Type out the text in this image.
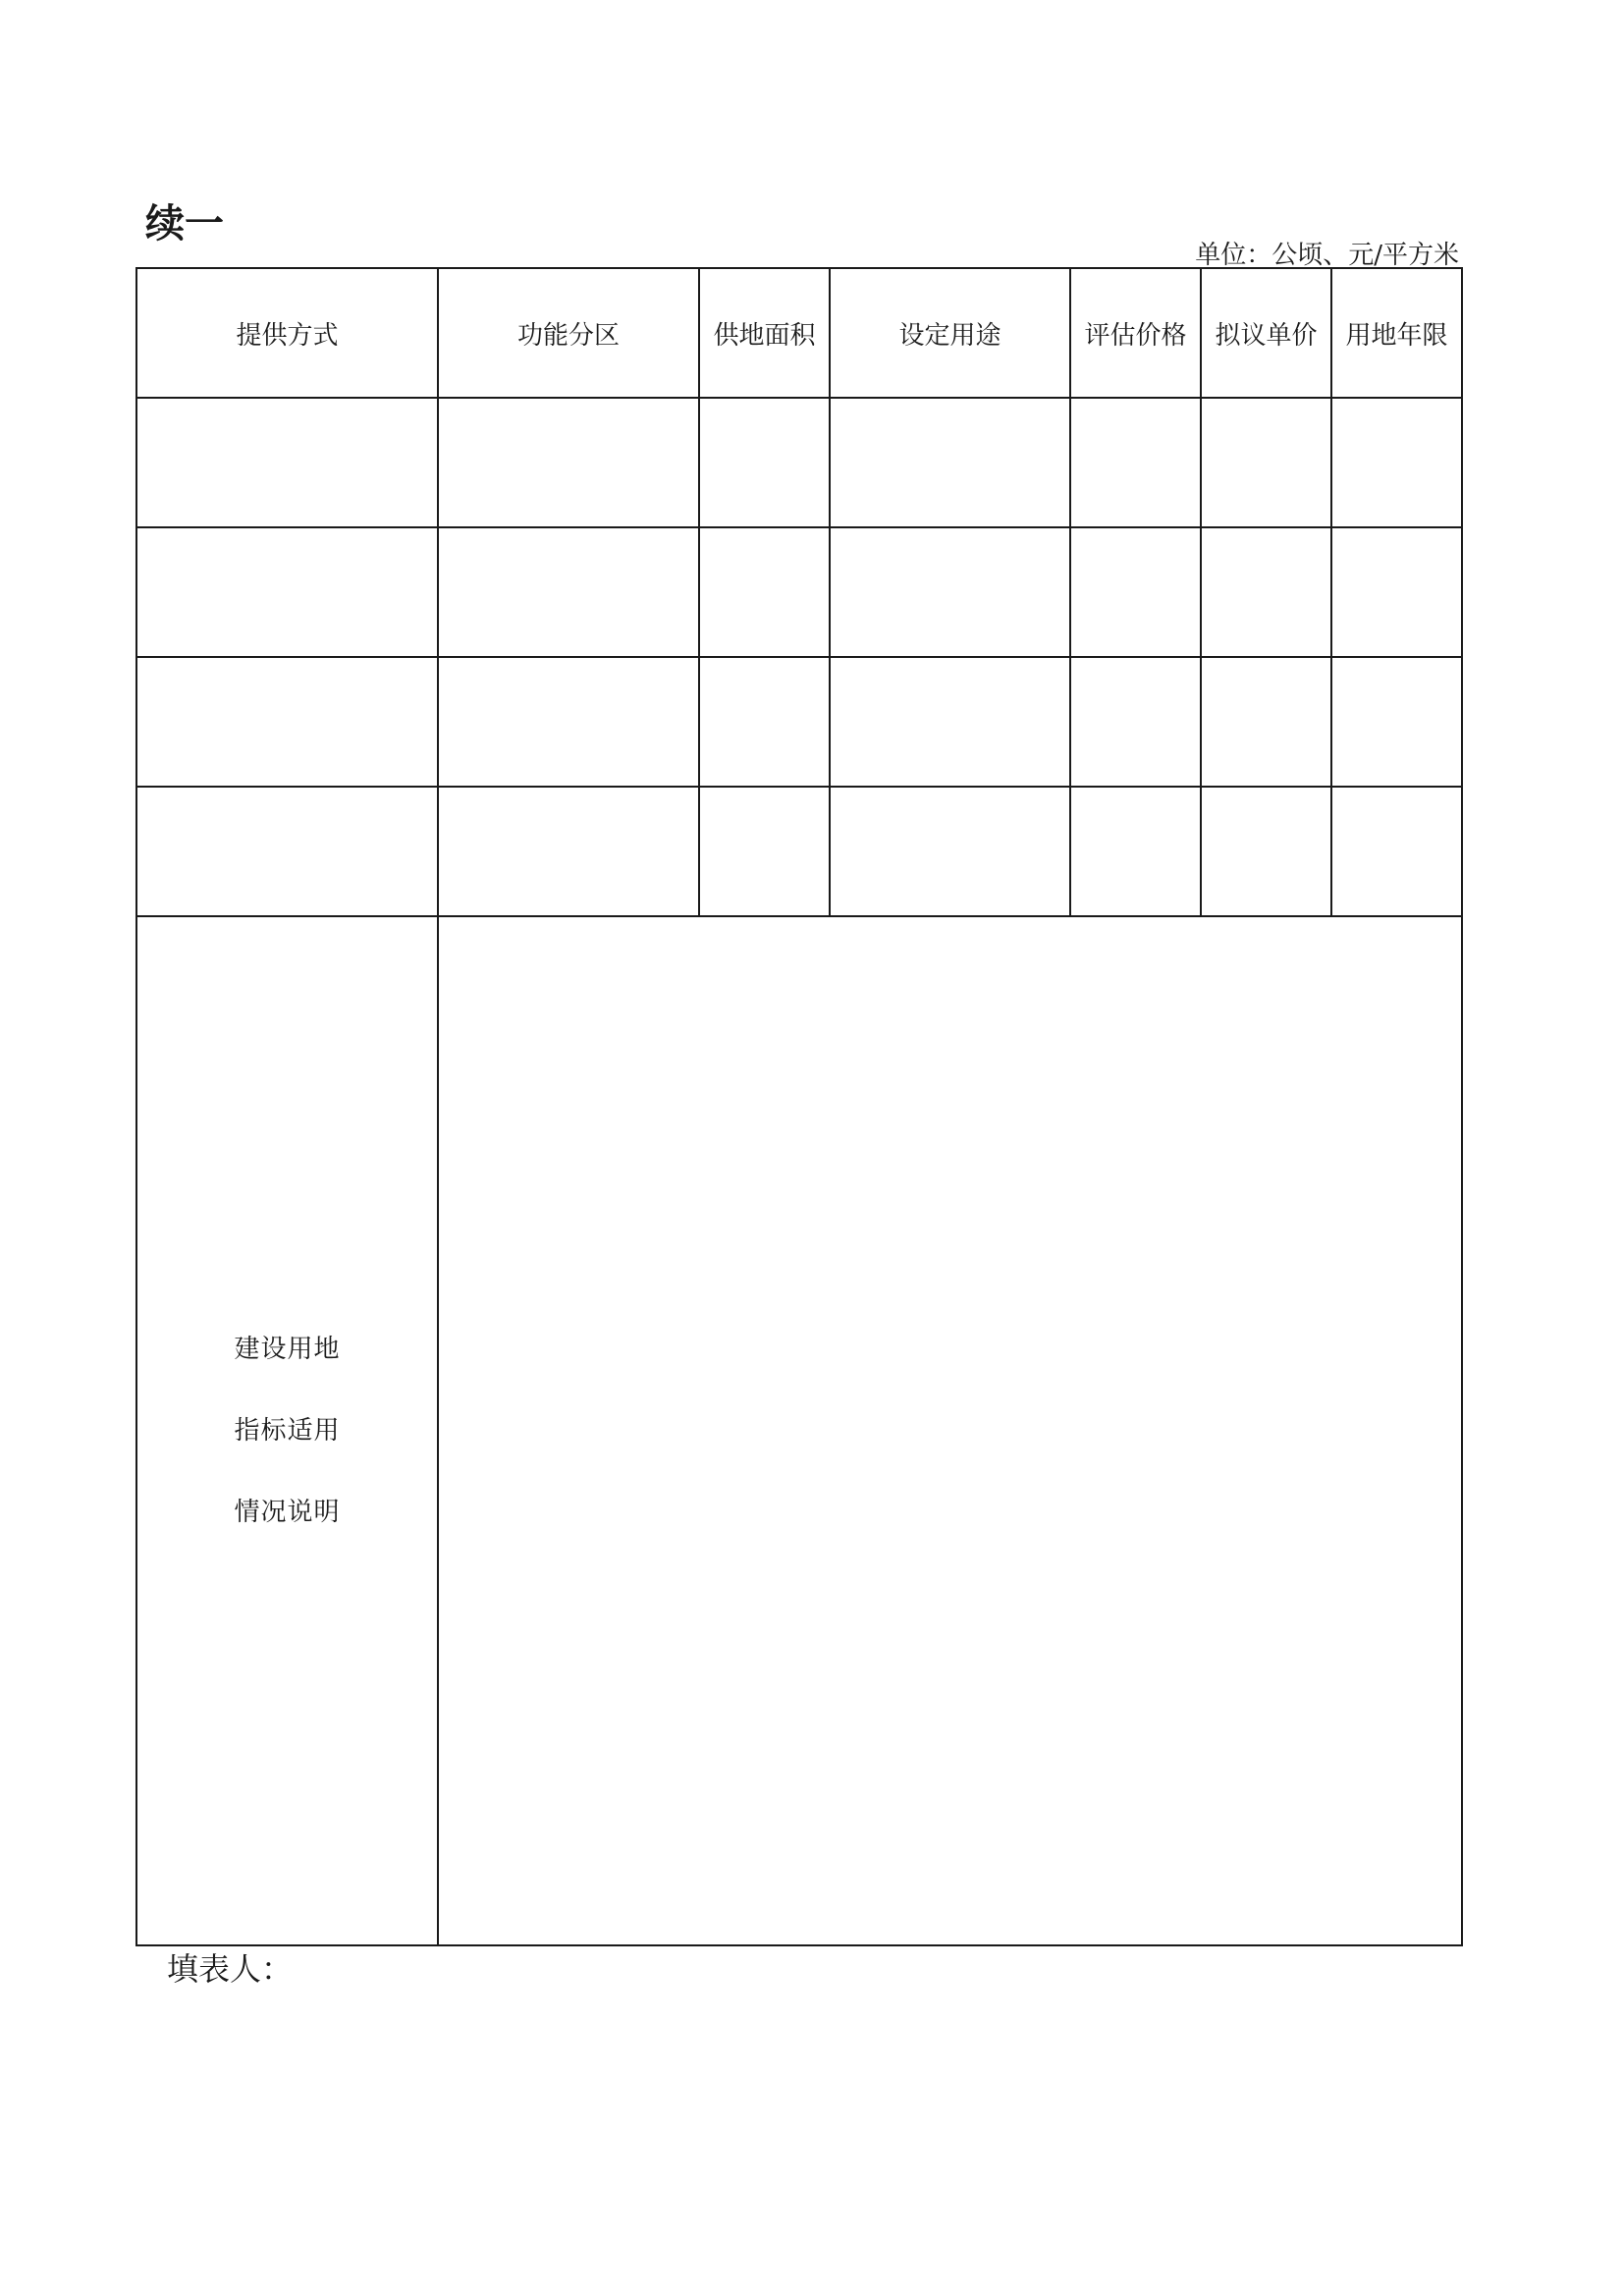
续一
单位：公顷、元/平方米
提供方式	功能分区	供地面积	设定用途	评估价格	拟议单价	用地年限

建设用地
指标适用
情况说明						

填表人：
